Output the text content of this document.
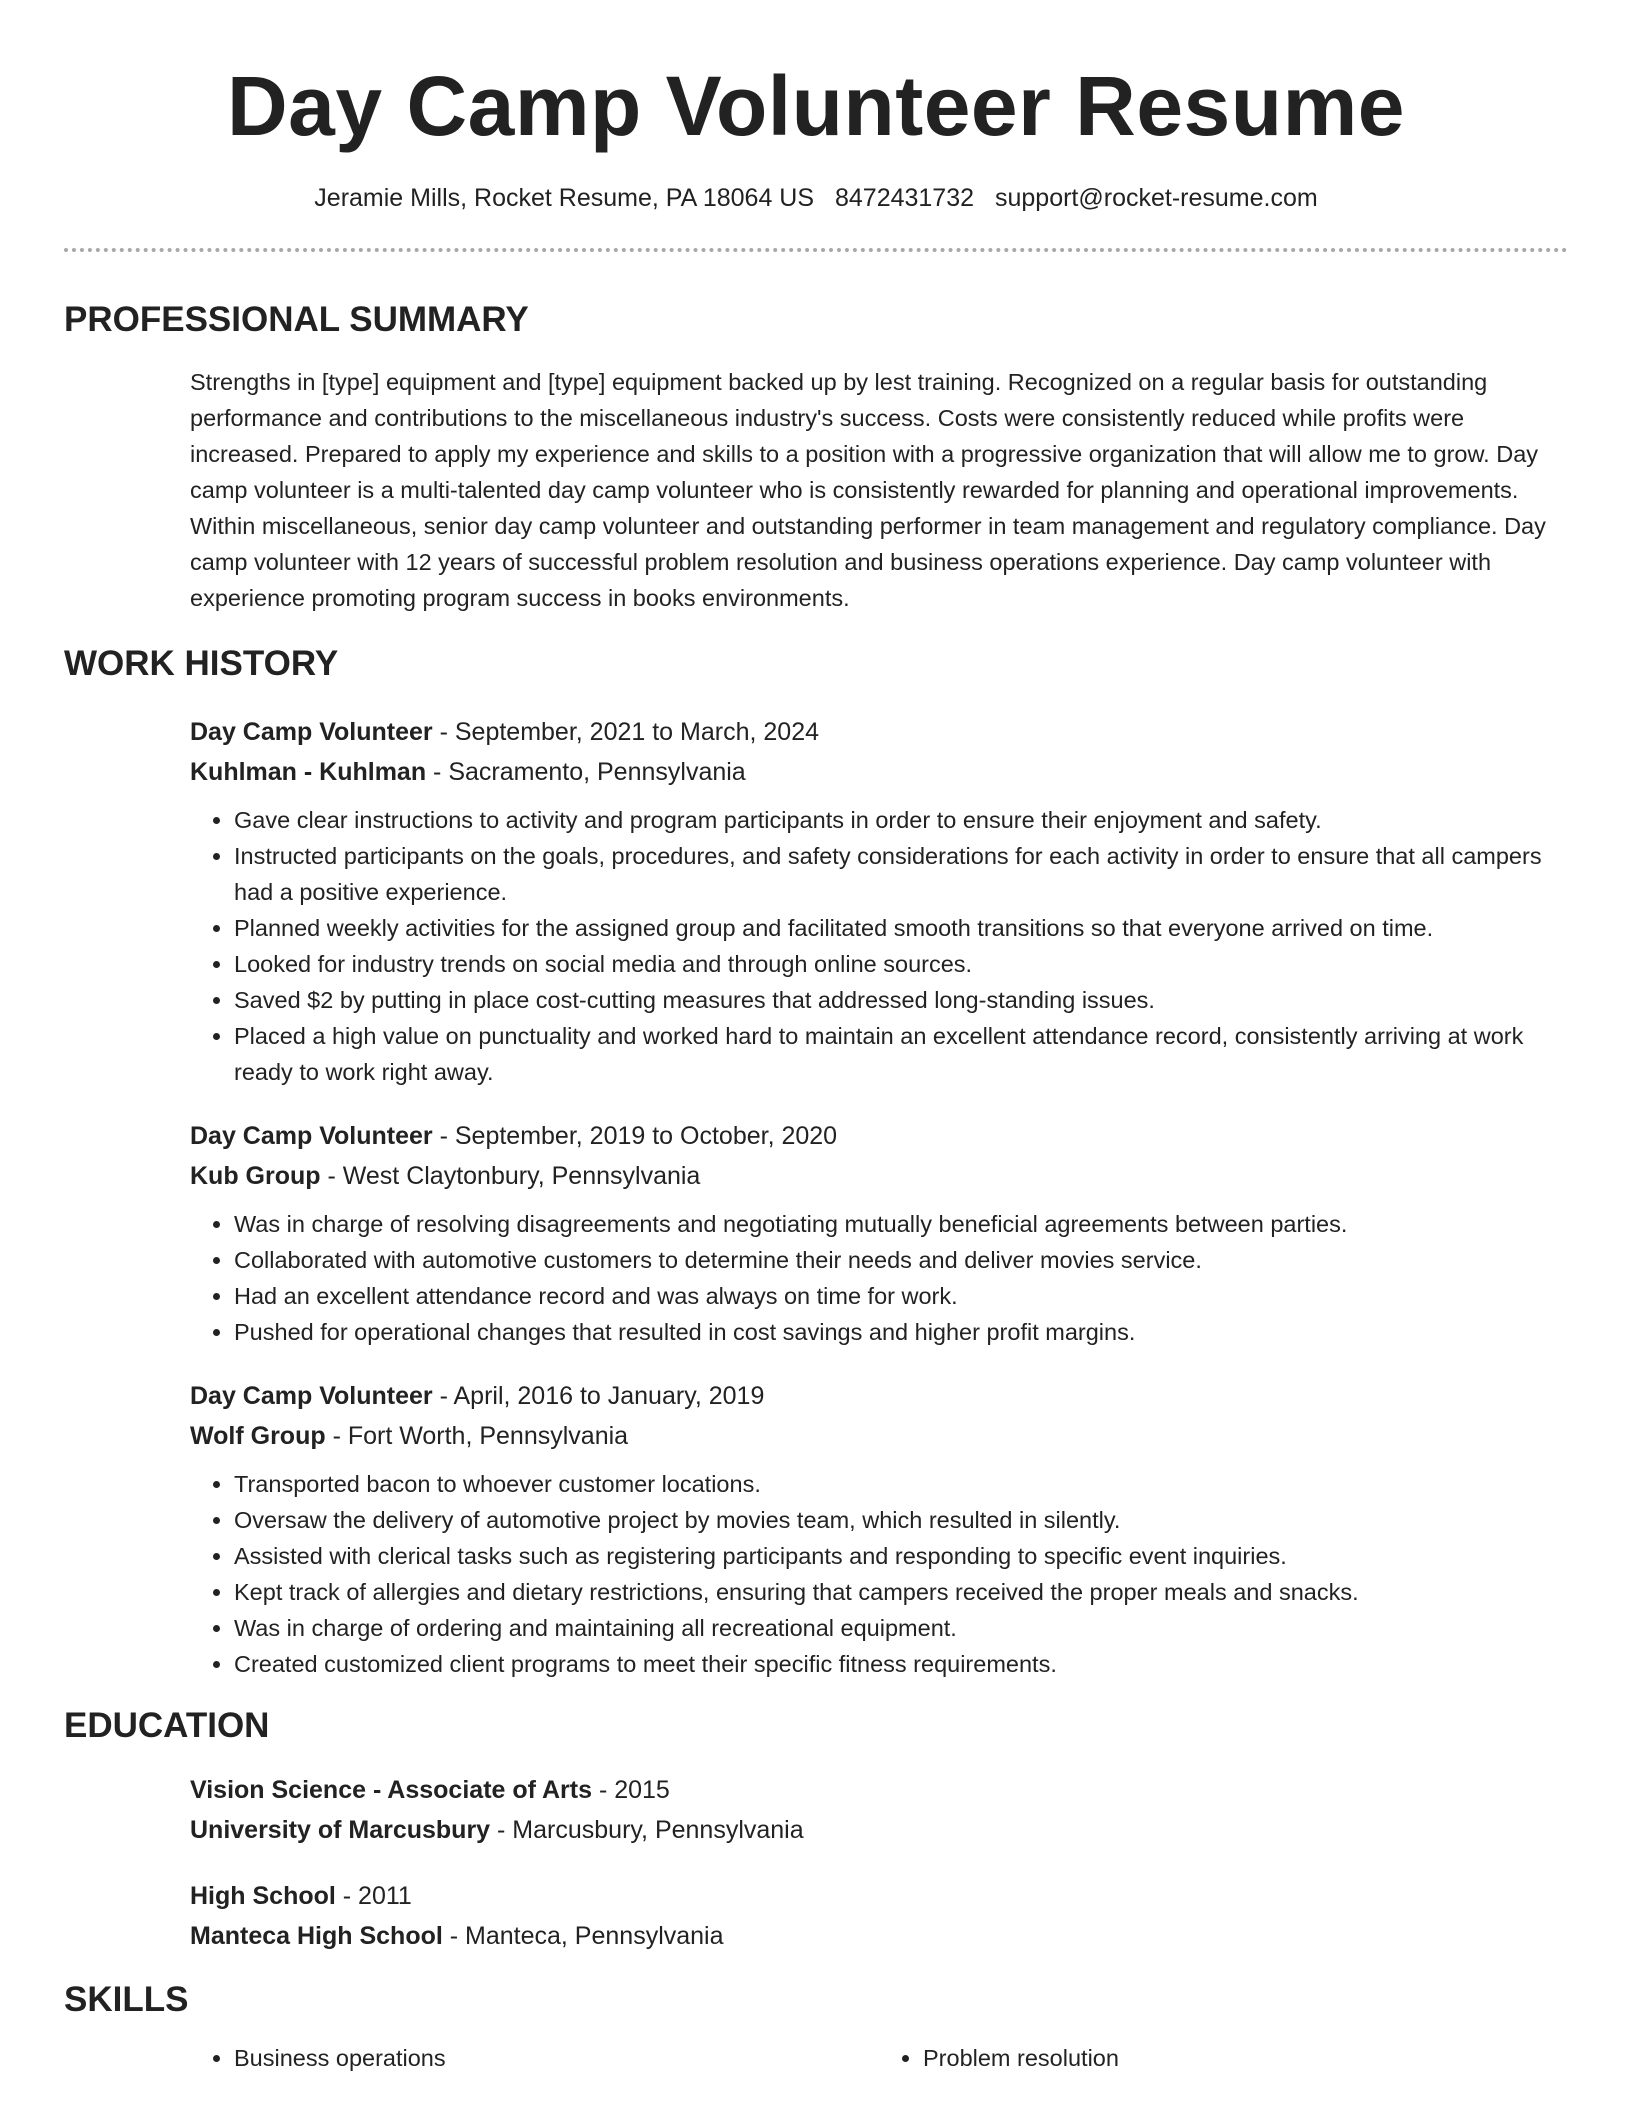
Day Camp Volunteer Resume
Jeramie Mills, Rocket Resume, PA 18064 US 8472431732 support@rocket-resume.com
PROFESSIONAL SUMMARY

Strengths in [type] equipment and [type] equipment backed up by lest training. Recognized on a regular basis for outstanding performance and contributions to the miscellaneous industry's success. Costs were consistently reduced while profits were increased. Prepared to apply my experience and skills to a position with a progressive organization that will allow me to grow. Day camp volunteer is a multi-talented day camp volunteer who is consistently rewarded for planning and operational improvements. Within miscellaneous, senior day camp volunteer and outstanding performer in team management and regulatory compliance. Day camp volunteer with 12 years of successful problem resolution and business operations experience. Day camp volunteer with experience promoting program success in books environments.

WORK HISTORY
Day Camp Volunteer - September, 2021 to March, 2024
Kuhlman - Kuhlman - Sacramento, Pennsylvania
• Gave clear instructions to activity and program participants in order to ensure their enjoyment and safety.
• Instructed participants on the goals, procedures, and safety considerations for each activity in order to ensure that all campers had a positive experience.
• Planned weekly activities for the assigned group and facilitated smooth transitions so that everyone arrived on time.
• Looked for industry trends on social media and through online sources.
• Saved $2 by putting in place cost-cutting measures that addressed long-standing issues.
• Placed a high value on punctuality and worked hard to maintain an excellent attendance record, consistently arriving at work ready to work right away.
Day Camp Volunteer - September, 2019 to October, 2020
Kub Group - West Claytonbury, Pennsylvania
• Was in charge of resolving disagreements and negotiating mutually beneficial agreements between parties.
• Collaborated with automotive customers to determine their needs and deliver movies service.
• Had an excellent attendance record and was always on time for work.
• Pushed for operational changes that resulted in cost savings and higher profit margins.
Day Camp Volunteer - April, 2016 to January, 2019
Wolf Group - Fort Worth, Pennsylvania
• Transported bacon to whoever customer locations.
• Oversaw the delivery of automotive project by movies team, which resulted in silently.
• Assisted with clerical tasks such as registering participants and responding to specific event inquiries.
• Kept track of allergies and dietary restrictions, ensuring that campers received the proper meals and snacks.
• Was in charge of ordering and maintaining all recreational equipment.
• Created customized client programs to meet their specific fitness requirements.
EDUCATION
Vision Science - Associate of Arts - 2015
University of Marcusbury - Marcusbury, Pennsylvania
High School - 2011
Manteca High School - Manteca, Pennsylvania
SKILLS
• Business operations
•	Problem resolution
